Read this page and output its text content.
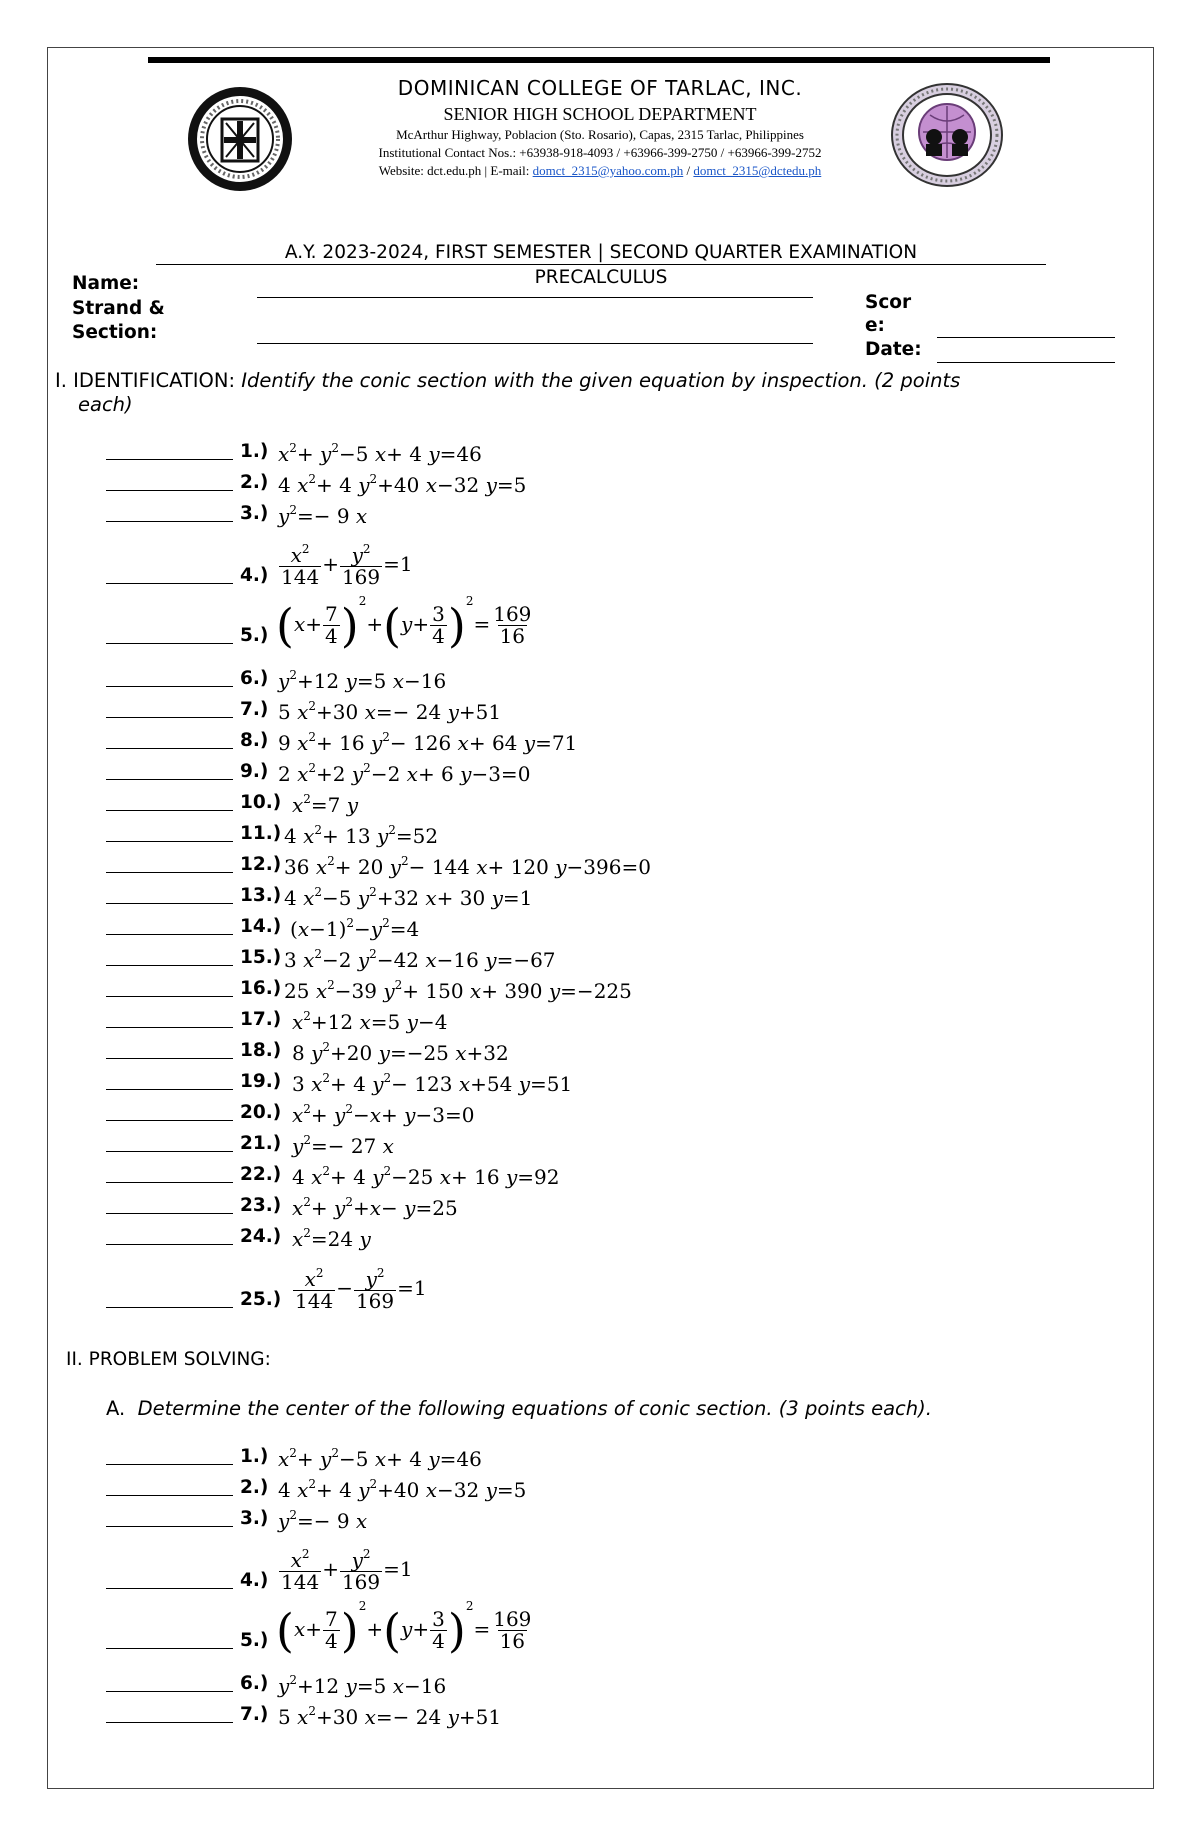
DOMINICAN COLLEGE OF TARLAC, INC.
SENIOR HIGH SCHOOL DEPARTMENT
McArthur Highway, Poblacion (Sto. Rosario), Capas, 2315 Tarlac, Philippines
Institutional Contact Nos.: +63938-918-4093 / +63966-399-2750 / +63966-399-2752
Website: dct.edu.ph | E-mail: domct_2315@yahoo.com.ph / domct_2315@dctedu.ph
A.Y. 2023-2024, FIRST SEMESTER | SECOND QUARTER EXAMINATION
PRECALCULUS
Name:
Strand &
Section:
Scor
e:
Date:
I. IDENTIFICATION: Identify the conic section with the given equation by inspection. (2 points
each)
1.) $x^2+ y^2-5$ x+ 4 y=46
2.) 4 $x^2+ 4$ $y^2+40$ x−32 y=5
3.) $y^2=- 9$ x
$4.) \frac{x^2}{144} + \frac{y^2}{169} =1$
5.) $(x+ \frac{7}{4} )^2+(y+ \frac{3}{4} )^2= \frac{169}{16}$
6.) $y^2+12$ y=5 x−16
7.) 5 $x^2+30$ x=− 24 y+51
8.) 9 $x^2+ 16$ $y^2- 126$ x+ 64 y=71
9.) 2 $x^2+2$ $y^2-2$ x+ 6 y−3=0
10.) $x^2=7$ y
11.) 4 $x^2+ 13$ $y^2=52$
12.) 36 $x^2+ 20$ $y^2- 144$ x+ 120 y−396=0
13.) 4 $x^2-5$ $y^2+32$ x+ 30 y=1
14.) $(x-1)^2-y^2=4$
15.) 3 $x^2-2$ $y^2-42$ x−16 y=−67
16.) 25 $x^2-39$ $y^2+ 150$ x+ 390 y=−225
17.) $x^2+12$ x=5 y−4
18.) 8 $y^2+20$ y=−25 x+32
19.) 3 $x^2+ 4$ $y^2- 123$ x+54 y=51
20.) $x^2+ y^2-x+ y-3=0$
21.) $y^2=- 27$ x
22.) 4 $x^2+ 4$ $y^2-25$ x+ 16 y=92
23.) $x^2+ y^2+x- y=25$
24.) $x^2=24$ y
$25.) \frac{x^2}{144} - \frac{y^2}{169} =1$
II. PROBLEM SOLVING:
A. Determine the center of the following equations of conic section. (3 points each).
1.) $x^2+ y^2-5$ x+ 4 y=46
2.) 4 $x^2+ 4$ $y^2+40$ x−32 y=5
3.) $y^2=- 9$ x
$4.) \frac{x^2}{144} + \frac{y^2}{169} =1$
5.) $(x+ \frac{7}{4} )^2+(y+ \frac{3}{4} )^2= \frac{169}{16}$
6.) $y^2+12$ y=5 x−16
7.) 5 $x^2+30$ x=− 24 y+51
